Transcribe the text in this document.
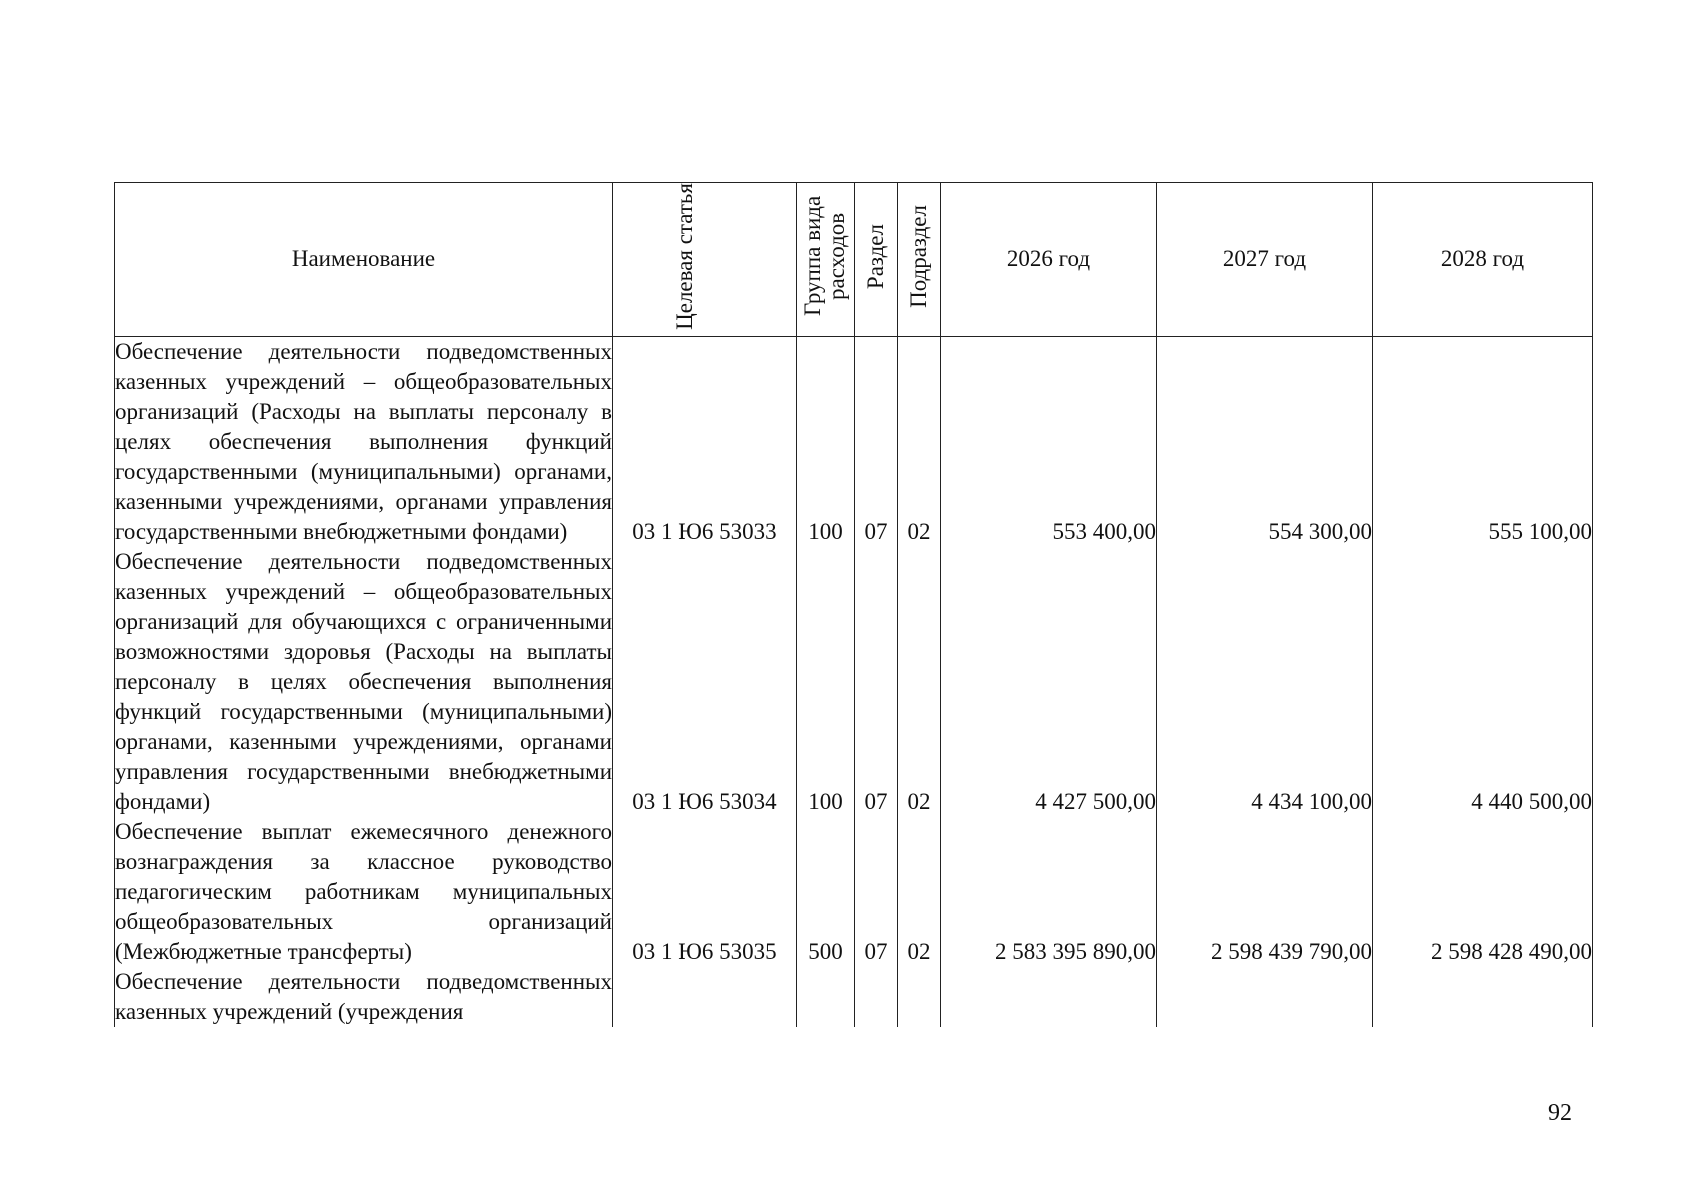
Наименование	Целевая статья	Группа вида расходов	Раздел	Подраздел	2026 год	2027 год	2028 год
Обеспечение деятельности подведомственных казенных учреждений – общеобразовательных организаций (Расходы на выплаты персоналу в целях обеспечения выполнения функций государственными (муниципальными) органами, казенными учреждениями, органами управления государственными внебюджетными фондами)	03 1 Ю6 53033	100	07	02	553 400,00	554 300,00	555 100,00
Обеспечение деятельности подведомственных казенных учреждений – общеобразовательных организаций для обучающихся с ограниченными возможностями здоровья (Расходы на выплаты персоналу в целях обеспечения выполнения функций государственными (муниципальными) органами, казенными учреждениями, органами управления государственными внебюджетными фондами)	03 1 Ю6 53034	100	07	02	4 427 500,00	4 434 100,00	4 440 500,00
Обеспечение выплат ежемесячного денежного вознаграждения за классное руководство педагогическим работникам муниципальных общеобразовательных организаций (Межбюджетные трансферты)	03 1 Ю6 53035	500	07	02	2 583 395 890,00	2 598 439 790,00	2 598 428 490,00
Обеспечение деятельности подведомственных казенных учреждений (учреждения							
92
